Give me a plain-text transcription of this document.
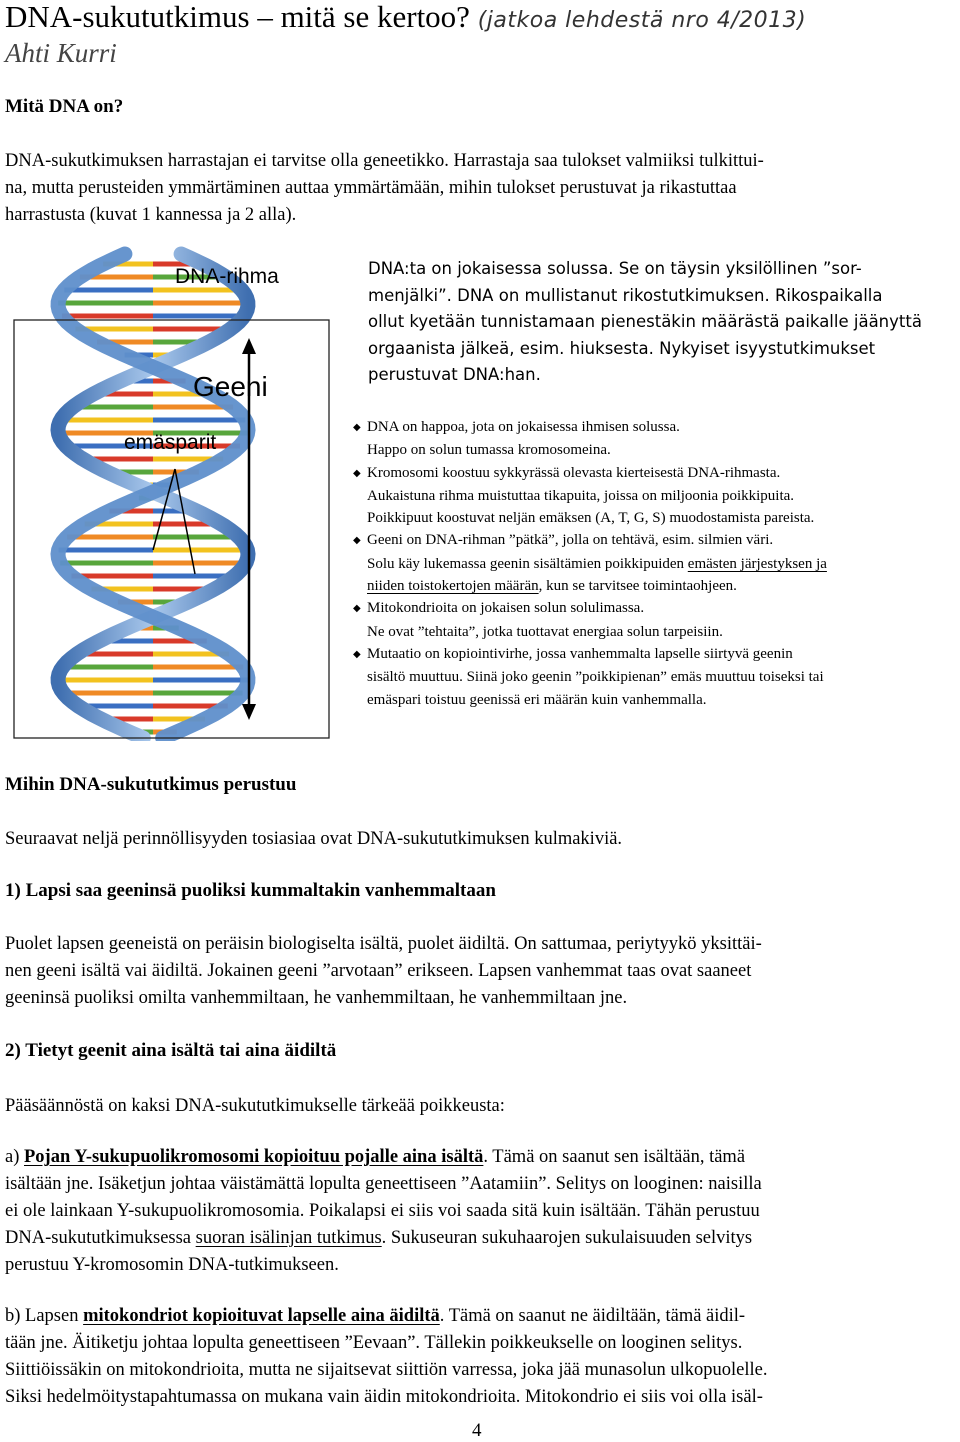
DNA-sukututkimus – mitä se kertoo? (jatkoa lehdestä nro 4/2013)
Ahti Kurri
Mitä DNA on?
DNA-sukutkimuksen harrastajan ei tarvitse olla geneetikko. Harrastaja saa tulokset valmiiksi tulkittui-
na, mutta perusteiden ymmärtäminen auttaa ymmärtämään, mihin tulokset perustuvat ja rikastuttaa
harrastusta (kuvat 1 kannessa ja 2 alla).
DNA-rihma
Geeni
emäsparit
DNA:ta on jokaisessa solussa. Se on täysin yksilöllinen ”sor-
menjälki”. DNA on mullistanut rikostutkimuksen. Rikospaikalla
ollut kyetään tunnistamaan pienestäkin määrästä paikalle jäänyttä
orgaanista jälkeä, esim. hiuksesta. Nykyiset isyystutkimukset
perustuvat DNA:han.
◆ DNA on happoa, jota on jokaisessa ihmisen solussa.
Happo on solun tumassa kromosomeina.
◆ Kromosomi koostuu sykkyrässä olevasta kierteisestä DNA-rihmasta.
Aukaistuna rihma muistuttaa tikapuita, joissa on miljoonia poikkipuita.
Poikkipuut koostuvat neljän emäksen (A, T, G, S) muodostamista pareista.
◆ Geeni on DNA-rihman ”pätkä”, jolla on tehtävä, esim. silmien väri.
Solu käy lukemassa geenin sisältämien poikkipuiden emästen järjestyksen ja
niiden toistokertojen määrän, kun se tarvitsee toimintaohjeen.
◆ Mitokondrioita on jokaisen solun solulimassa.
Ne ovat ”tehtaita”, jotka tuottavat energiaa solun tarpeisiin.
◆ Mutaatio on kopiointivirhe, jossa vanhemmalta lapselle siirtyvä geenin
sisältö muuttuu. Siinä joko geenin ”poikkipienan” emäs muuttuu toiseksi tai
emäspari toistuu geenissä eri määrän kuin vanhemmalla.
Mihin DNA-sukututkimus perustuu
Seuraavat neljä perinnöllisyyden tosiasiaa ovat DNA-sukututkimuksen kulmakiviä.
1) Lapsi saa geeninsä puoliksi kummaltakin vanhemmaltaan
Puolet lapsen geeneistä on peräisin biologiselta isältä, puolet äidiltä. On sattumaa, periytyykö yksittäi-
nen geeni isältä vai äidiltä. Jokainen geeni ”arvotaan” erikseen. Lapsen vanhemmat taas ovat saaneet
geeninsä puoliksi omilta vanhemmiltaan, he vanhemmiltaan, he vanhemmiltaan jne.
2) Tietyt geenit aina isältä tai aina äidiltä
Pääsäännöstä on kaksi DNA-sukututkimukselle tärkeää poikkeusta:
a) Pojan Y-sukupuolikromosomi kopioituu pojalle aina isältä. Tämä on saanut sen isältään, tämä
isältään jne. Isäketjun johtaa väistämättä lopulta geneettiseen ”Aatamiin”. Selitys on looginen: naisilla
ei ole lainkaan Y-sukupuolikromosomia. Poikalapsi ei siis voi saada sitä kuin isältään. Tähän perustuu
DNA-sukututkimuksessa suoran isälinjan tutkimus. Sukuseuran sukuhaarojen sukulaisuuden selvitys
perustuu Y-kromosomin DNA-tutkimukseen.
b) Lapsen mitokondriot kopioituvat lapselle aina äidiltä. Tämä on saanut ne äidiltään, tämä äidil-
tään jne. Äitiketju johtaa lopulta geneettiseen ”Eevaan”. Tällekin poikkeukselle on looginen selitys.
Siittiöissäkin on mitokondrioita, mutta ne sijaitsevat siittiön varressa, joka jää munasolun ulkopuolelle.
Siksi hedelmöitystapahtumassa on mukana vain äidin mitokondrioita. Mitokondrio ei siis voi olla isäl-
4
